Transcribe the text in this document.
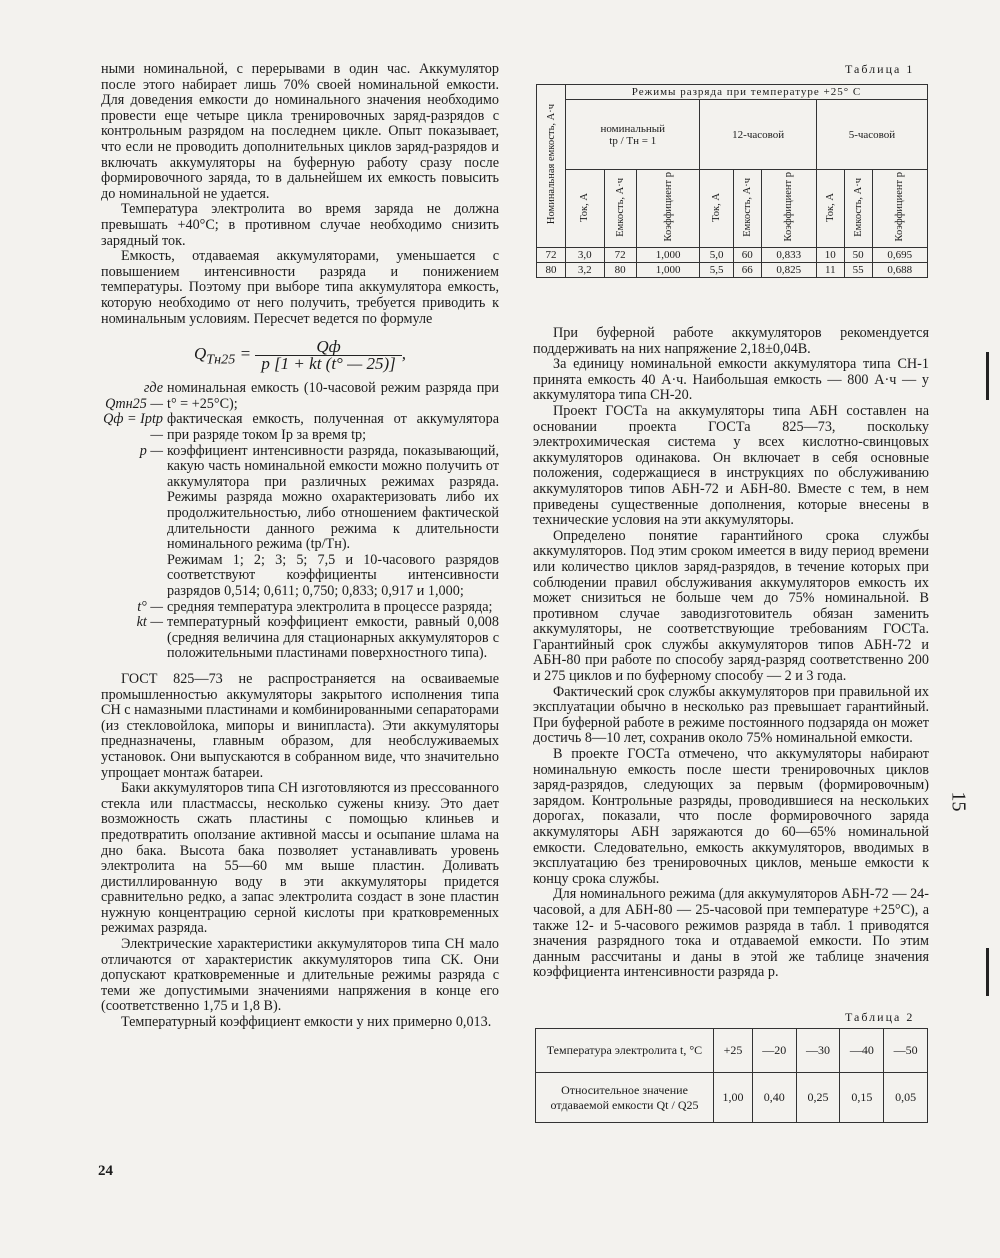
ными номинальной, с перерывами в один час. Аккумулятор после этого набирает лишь 70% своей номинальной емкости. Для доведения емкости до номинального значения необходимо провести еще четыре цикла тренировочных заряд-разрядов с контрольным разрядом на последнем цикле. Опыт показывает, что если не проводить дополнительных циклов заряд-разрядов и включать аккумуляторы на буферную работу сразу после формировочного заряда, то в дальнейшем их емкость повысить до номинальной не удается.

Температура электролита во время заряда не должна превышать +40°С; в противном случае необходимо снизить зарядный ток.

Емкость, отдаваемая аккумуляторами, уменьшается с повышением интенсивности разряда и понижением температуры. Поэтому при выборе типа аккумулятора емкость, которую необходимо от него получить, требуется приводить к номинальным условиям. Пересчет ведется по формуле

$Q_{Tн25} = \frac{Qф}{p [1 + kt (t^\circ — 25)]}$ ,
где Qтн25 —
номинальная емкость (10-часовой режим разряда при t° = +25°С);
Qф = Iрtр —
фактическая емкость, полученная от аккумулятора при разряде током Iр за время tр;
p — коэффициент интенсивности разряда, показывающий, какую часть номинальной емкости можно получить от аккумулятора при различных режимах разряда. Режимы разряда можно охарактеризовать либо их продолжительностью, либо отношением фактической длительности данного режима к длительности номинального режима (tр/Tн).
Режимам 1; 2; 3; 5; 7,5 и 10-часового разрядов соответствуют коэффициенты интенсивности разрядов 0,514; 0,611; 0,750; 0,833; 0,917 и 1,000;
t° — средняя температура электролита в процессе разряда;
kt — температурный коэффициент емкости, равный 0,008 (средняя величина для стационарных аккумуляторов с положительными пластинами поверхностного типа).

ГОСТ 825—73 не распространяется на осваиваемые промышленностью аккумуляторы закрытого исполнения типа СН с намазными пластинами и комбинированными сепараторами (из стекловойлока, мипоры и винипласта). Эти аккумуляторы предназначены, главным образом, для необслуживаемых установок. Они выпускаются в собранном виде, что значительно упрощает монтаж батареи.

Баки аккумуляторов типа СН изготовляются из прессованного стекла или пластмассы, несколько сужены книзу. Это дает возможность сжать пластины с помощью клиньев и предотвратить оползание активной массы и осыпание шлама на дно бака. Высота бака позволяет устанавливать уровень электролита на 55—60 мм выше пластин. Доливать дистиллированную воду в эти аккумуляторы придется сравнительно редко, а запас электролита создаст в зоне пластин нужную концентрацию серной кислоты при кратковременных режимах разряда.

Электрические характеристики аккумуляторов типа СН мало отличаются от характеристик аккумуляторов типа СК. Они допускают кратковременные и длительные режимы разряда с теми же допустимыми значениями напряжения в конце его (соответственно 1,75 и 1,8 В).

Температурный коэффициент емкости у них примерно 0,013.

Таблица 1
Номинальная емкость, А·ч	Режимы разряда при температуре +25° С								
	номинальный
tр / Tн = 1			12-часовой			5-часовой		
	Ток, А	Емкость, А·ч	Коэффициент p	Ток, А	Емкость, А·ч	Коэффициент p	Ток, А	Емкость, А·ч	Коэффициент p
72	3,0	72	1,000	5,0	60	0,833	10	50	0,695
80	3,2	80	1,000	5,5	66	0,825	11	55	0,688

При буферной работе аккумуляторов рекомендуется поддерживать на них напряжение 2,18±0,04В.

За единицу номинальной емкости аккумулятора типа СН-1 принята емкость 40 А·ч. Наибольшая емкость — 800 А·ч — у аккумулятора типа СН-20.

Проект ГОСТа на аккумуляторы типа АБН составлен на основании проекта ГОСТа 825—73, поскольку электрохимическая система у всех кислотно-свинцовых аккумуляторов одинакова. Он включает в себя основные положения, содержащиеся в инструкциях по обслуживанию аккумуляторов типов АБН-72 и АБН-80. Вместе с тем, в нем приведены существенные дополнения, которые внесены в технические условия на эти аккумуляторы.

Определено понятие гарантийного срока службы аккумуляторов. Под этим сроком имеется в виду период времени или количество циклов заряд-разрядов, в течение которых при соблюдении правил обслуживания аккумуляторов емкость их может снизиться не больше чем до 75% номинальной. В противном случае заводизготовитель обязан заменить аккумуляторы, не соответствующие требованиям ГОСТа. Гарантийный срок службы аккумуляторов типов АБН-72 и АБН-80 при работе по способу заряд-разряд соответственно 200 и 275 циклов и по буферному способу — 2 и 3 года.

Фактический срок службы аккумуляторов при правильной их эксплуатации обычно в несколько раз превышает гарантийный. При буферной работе в режиме постоянного подзаряда он может достичь 8—10 лет, сохранив около 75% номинальной емкости.

В проекте ГОСТа отмечено, что аккумуляторы набирают номинальную емкость после шести тренировочных циклов заряд-разрядов, следующих за первым (формировочным) зарядом. Контрольные разряды, проводившиеся на нескольких дорогах, показали, что после формировочного заряда аккумуляторы АБН заряжаются до 60—65% номинальной емкости. Следовательно, емкость аккумуляторов, вводимых в эксплуатацию без тренировочных циклов, меньше емкости к концу срока службы.

Для номинального режима (для аккумуляторов АБН-72 — 24-часовой, а для АБН-80 — 25-часовой при температуре +25°С), а также 12- и 5-часового режимов разряда в табл. 1 приводятся значения разрядного тока и отдаваемой емкости. По этим данным рассчитаны и даны в этой же таблице значения коэффициента интенсивности разряда р.

Таблица 2
Температура электролита t, °С	+25	—20	—30	—40	—50
Относительное значение отдаваемой емкости Qt / Q25	1,00	0,40	0,25	0,15	0,05
24
15
